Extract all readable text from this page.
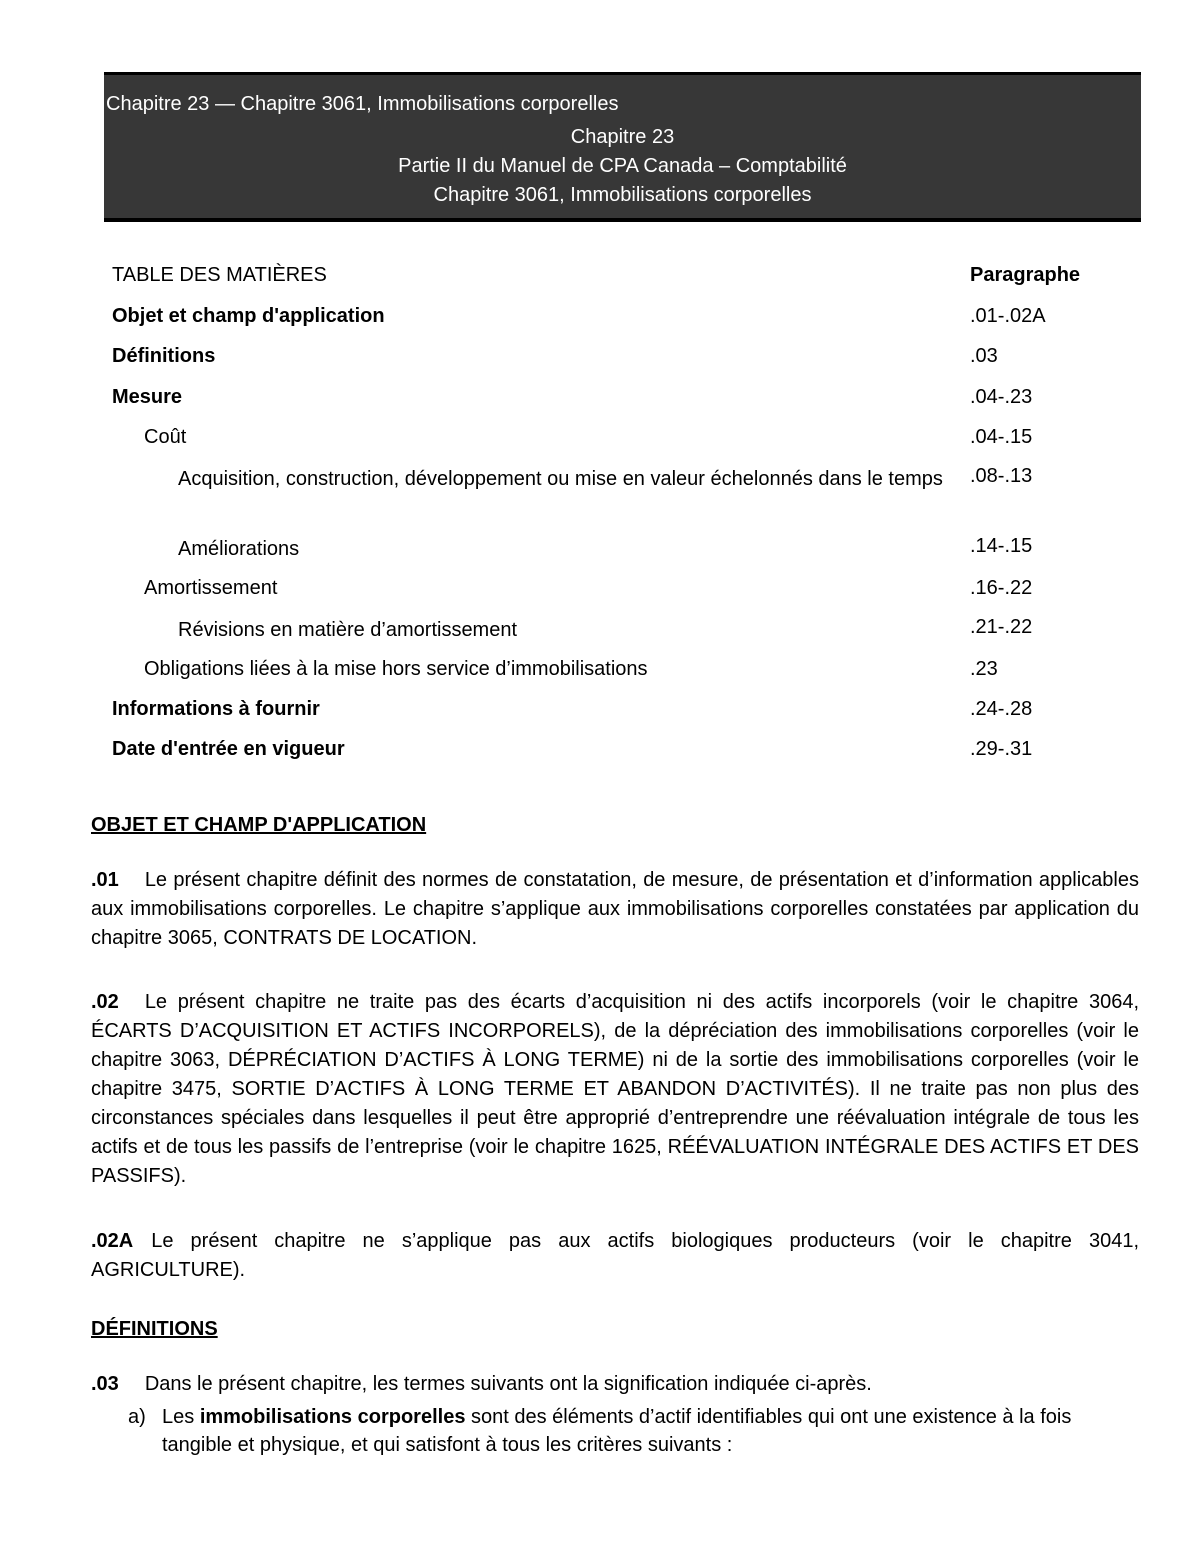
Chapitre 23 — Chapitre 3061, Immobilisations corporelles
Chapitre 23
Partie II du Manuel de CPA Canada – Comptabilité
Chapitre 3061, Immobilisations corporelles
TABLE DES MATIÈRES	Paragraphe
Objet et champ d'application	.01-.02A
Définitions	.03
Mesure	.04-.23
Coût	.04-.15
Acquisition, construction, développement ou mise en valeur échelonnés dans le temps	.08-.13
Améliorations	.14-.15
Amortissement	.16-.22
Révisions en matière d’amortissement	.21-.22
Obligations liées à la mise hors service d’immobilisations	.23
Informations à fournir	.24-.28
Date d'entrée en vigueur	.29-.31
OBJET ET CHAMP D'APPLICATION
.01 Le présent chapitre définit des normes de constatation, de mesure, de présentation et d’information applicables aux immobilisations corporelles. Le chapitre s’applique aux immobilisations corporelles constatées par application du chapitre 3065, CONTRATS DE LOCATION.
.02 Le présent chapitre ne traite pas des écarts d’acquisition ni des actifs incorporels (voir le chapitre 3064, ÉCARTS D’ACQUISITION ET ACTIFS INCORPORELS), de la dépréciation des immobilisations corporelles (voir le chapitre 3063, DÉPRÉCIATION D’ACTIFS À LONG TERME) ni de la sortie des immobilisations corporelles (voir le chapitre 3475, SORTIE D’ACTIFS À LONG TERME ET ABANDON D’ACTIVITÉS). Il ne traite pas non plus des circonstances spéciales dans lesquelles il peut être approprié d’entreprendre une réévaluation intégrale de tous les actifs et de tous les passifs de l’entreprise (voir le chapitre 1625, RÉÉVALUATION INTÉGRALE DES ACTIFS ET DES PASSIFS).
.02A Le présent chapitre ne s’applique pas aux actifs biologiques producteurs (voir le chapitre 3041, AGRICULTURE).
DÉFINITIONS
.03 Dans le présent chapitre, les termes suivants ont la signification indiquée ci-après.
a) Les immobilisations corporelles sont des éléments d’actif identifiables qui ont une existence à la fois tangible et physique, et qui satisfont à tous les critères suivants :
